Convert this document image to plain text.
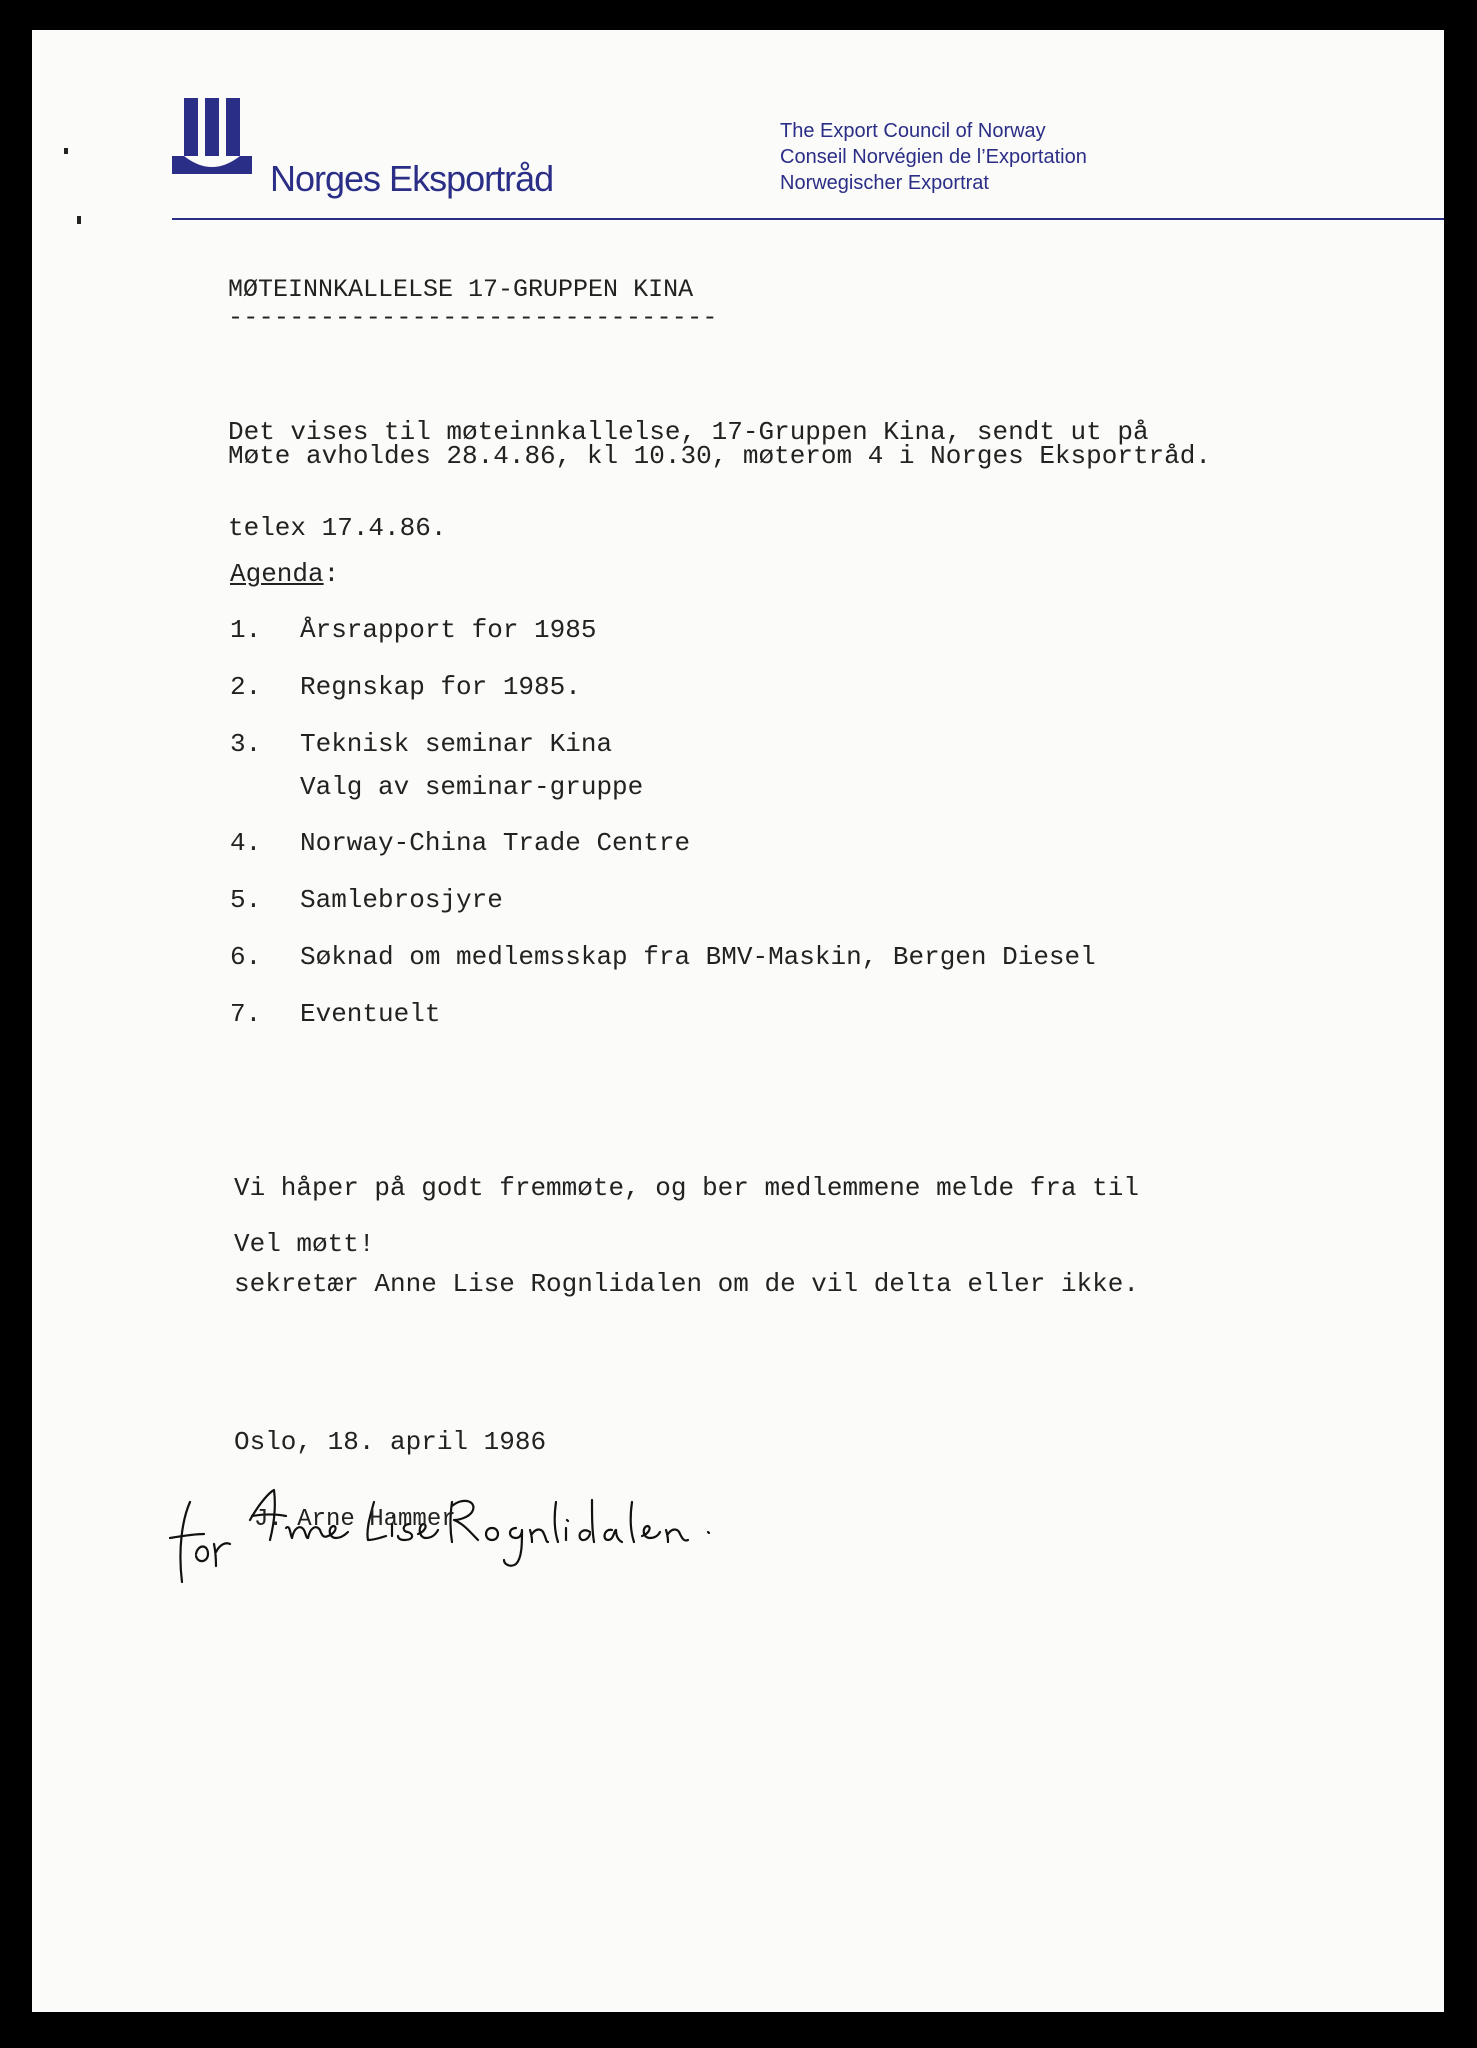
Norges Eksportråd
The Export Council of Norway
Conseil Norvégien de l’Exportation
Norwegischer Exportrat
MØTEINNKALLELSE 17-GRUPPEN KINA
--------------------------------

Det vises til møteinnkallelse, 17-Gruppen Kina, sendt ut på

telex 17.4.86.

Møte avholdes 28.4.86, kl 10.30, møterom 4 i Norges Eksportråd.
Agenda:
1. Årsrapport for 1985
2. Regnskap for 1985.
3. Teknisk seminar Kina
Valg av seminar-gruppe
4. Norway-China Trade Centre
5. Samlebrosjyre
6. Søknad om medlemsskap fra BMV-Maskin, Bergen Diesel
7. Eventuelt

Vi håper på godt fremmøte, og ber medlemmene melde fra til

sekretær Anne Lise Rognlidalen om de vil delta eller ikke.

Vel møtt!
Oslo, 18. april 1986
J. Arne Hammer
